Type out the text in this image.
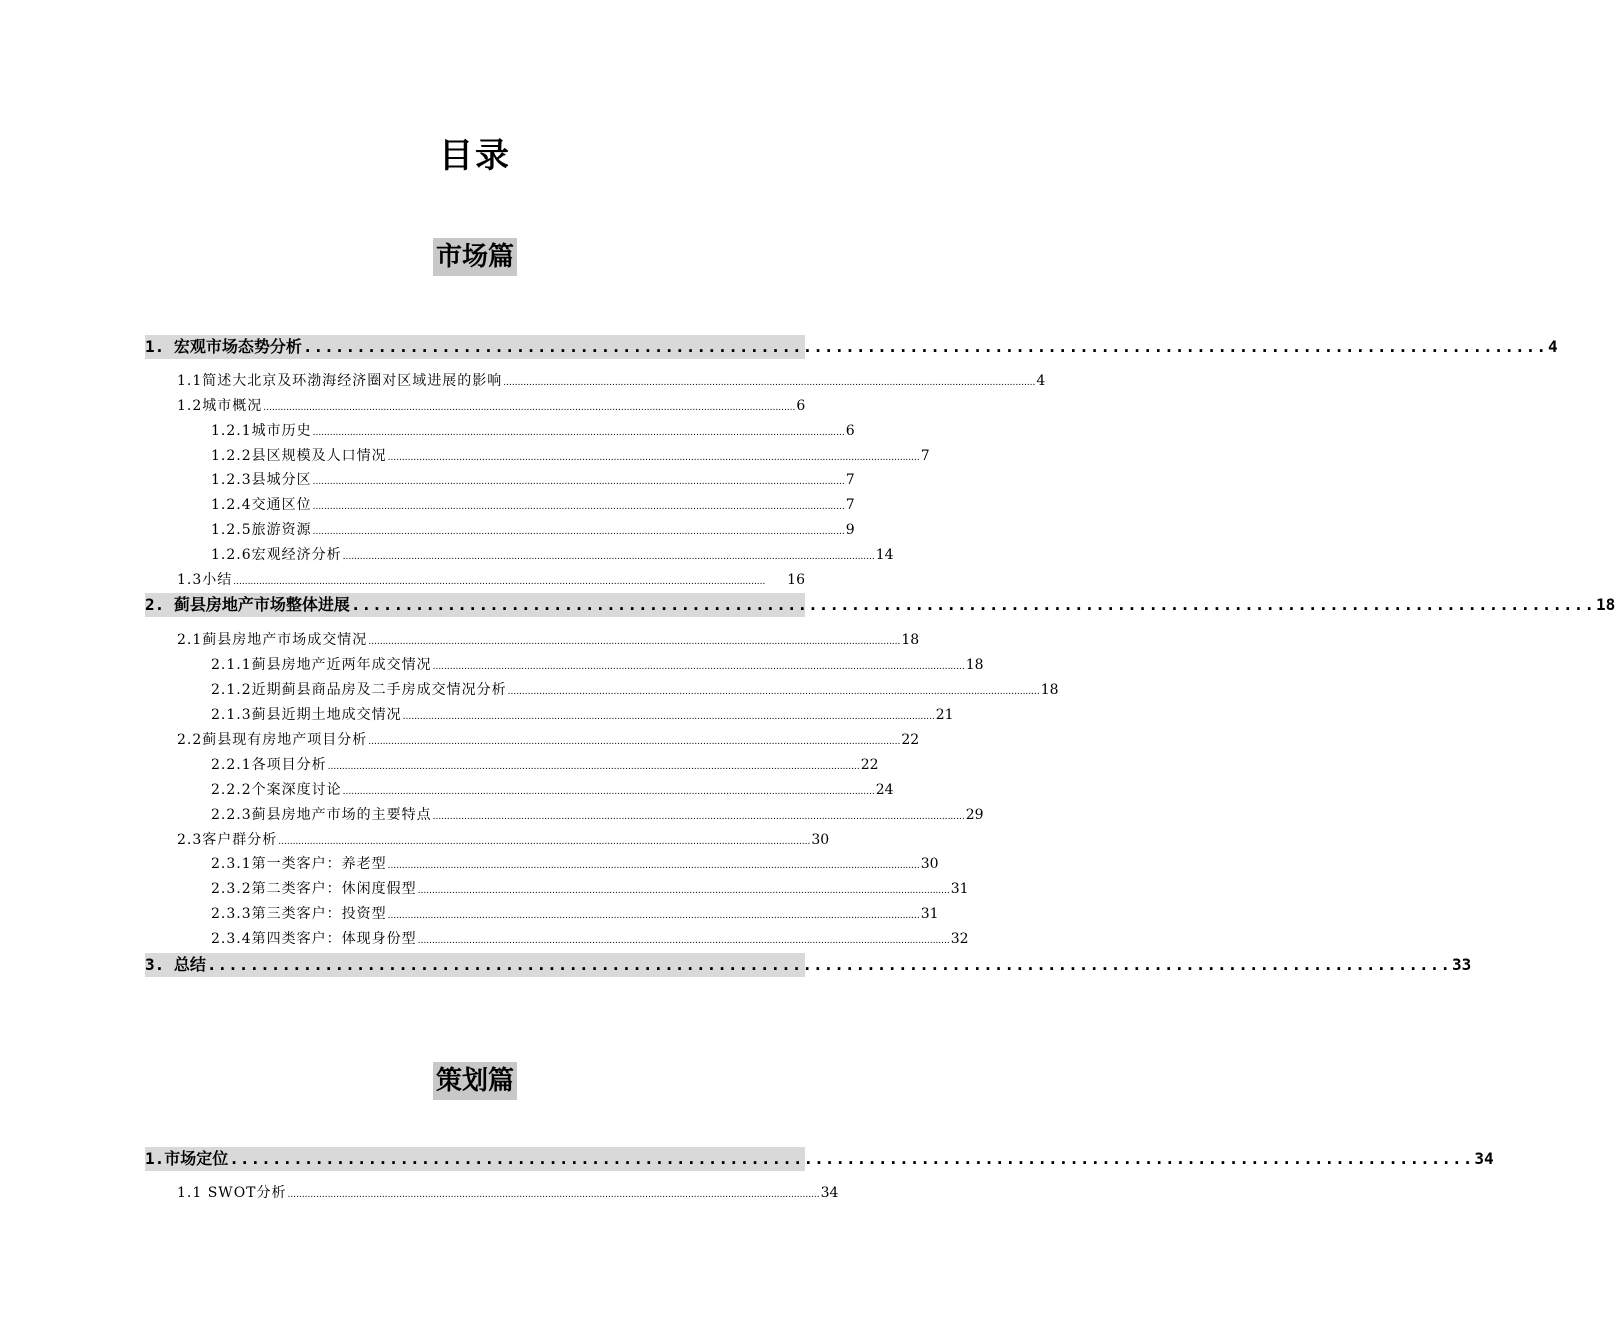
目录
市场篇
1. 宏观市场态势分析 ..................................................................................................................... 4
1.1简述大北京及环渤海经济圈对区域进展的影响 .......................................................................................................................................................................................... 4
1.2城市概况 .......................................................................................................................................................................................... 6
1.2.1城市历史 .......................................................................................................................................................................................... 6
1.2.2县区规模及人口情况 .......................................................................................................................................................................................... 7
1.2.3县城分区 .......................................................................................................................................................................................... 7
1.2.4交通区位 .......................................................................................................................................................................................... 7
1.2.5旅游资源 .......................................................................................................................................................................................... 9
1.2.6宏观经济分析 .......................................................................................................................................................................................... 14
1.3小结 ..........................................................................................................................................................................................	16
2. 蓟县房地产市场整体进展 ..................................................................................................................... 18
2.1蓟县房地产市场成交情况 .......................................................................................................................................................................................... 18
2.1.1蓟县房地产近两年成交情况 .......................................................................................................................................................................................... 18
2.1.2近期蓟县商品房及二手房成交情况分析 .......................................................................................................................................................................................... 18
2.1.3蓟县近期土地成交情况 .......................................................................................................................................................................................... 21
2.2蓟县现有房地产项目分析 .......................................................................................................................................................................................... 22
2.2.1各项目分析 .......................................................................................................................................................................................... 22
2.2.2个案深度讨论 .......................................................................................................................................................................................... 24
2.2.3蓟县房地产市场的主要特点 .......................................................................................................................................................................................... 29
2.3客户群分析 .......................................................................................................................................................................................... 30
2.3.1第一类客户：养老型 .......................................................................................................................................................................................... 30
2.3.2第二类客户：休闲度假型 .......................................................................................................................................................................................... 31
2.3.3第三类客户：投资型 .......................................................................................................................................................................................... 31
2.3.4第四类客户：体现身份型 .......................................................................................................................................................................................... 32
3. 总结 ..................................................................................................................... 33
策划篇
1.市场定位 ..................................................................................................................... 34
1.1 SWOT分析 .......................................................................................................................................................................................... 34
